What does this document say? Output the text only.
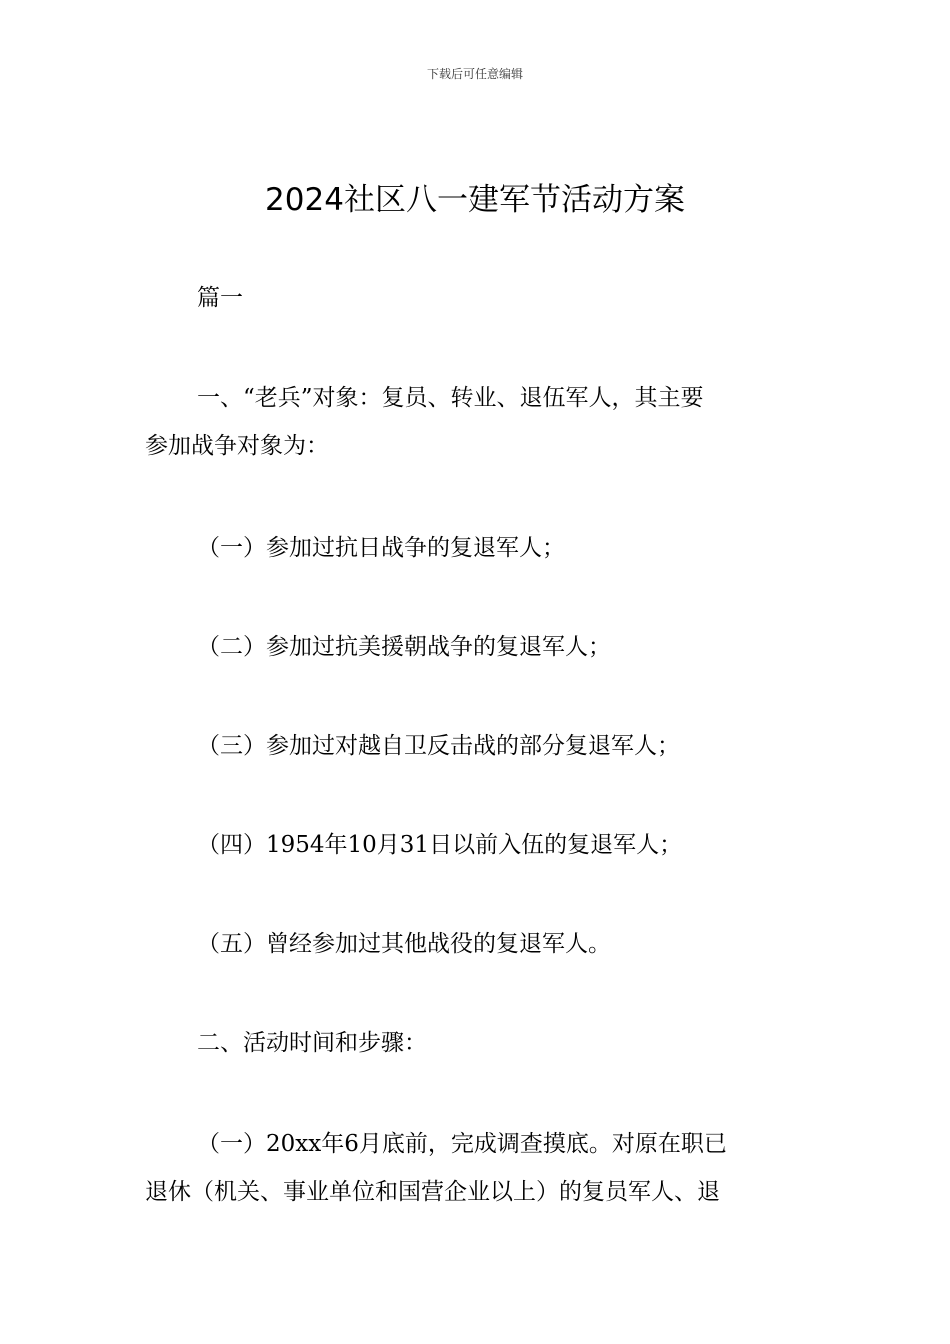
下载后可任意编辑
2024社区八一建军节活动方案

篇一

一、“老兵”对象：复员、转业、退伍军人，其主要
参加战争对象为：

（一）参加过抗日战争的复退军人；

（二）参加过抗美援朝战争的复退军人；

（三）参加过对越自卫反击战的部分复退军人；

（四）1954年10月31日以前入伍的复退军人；

（五）曾经参加过其他战役的复退军人。

二、活动时间和步骤：

（一）20xx年6月底前，完成调查摸底。对原在职已
退休（机关、事业单位和国营企业以上）的复员军人、退
